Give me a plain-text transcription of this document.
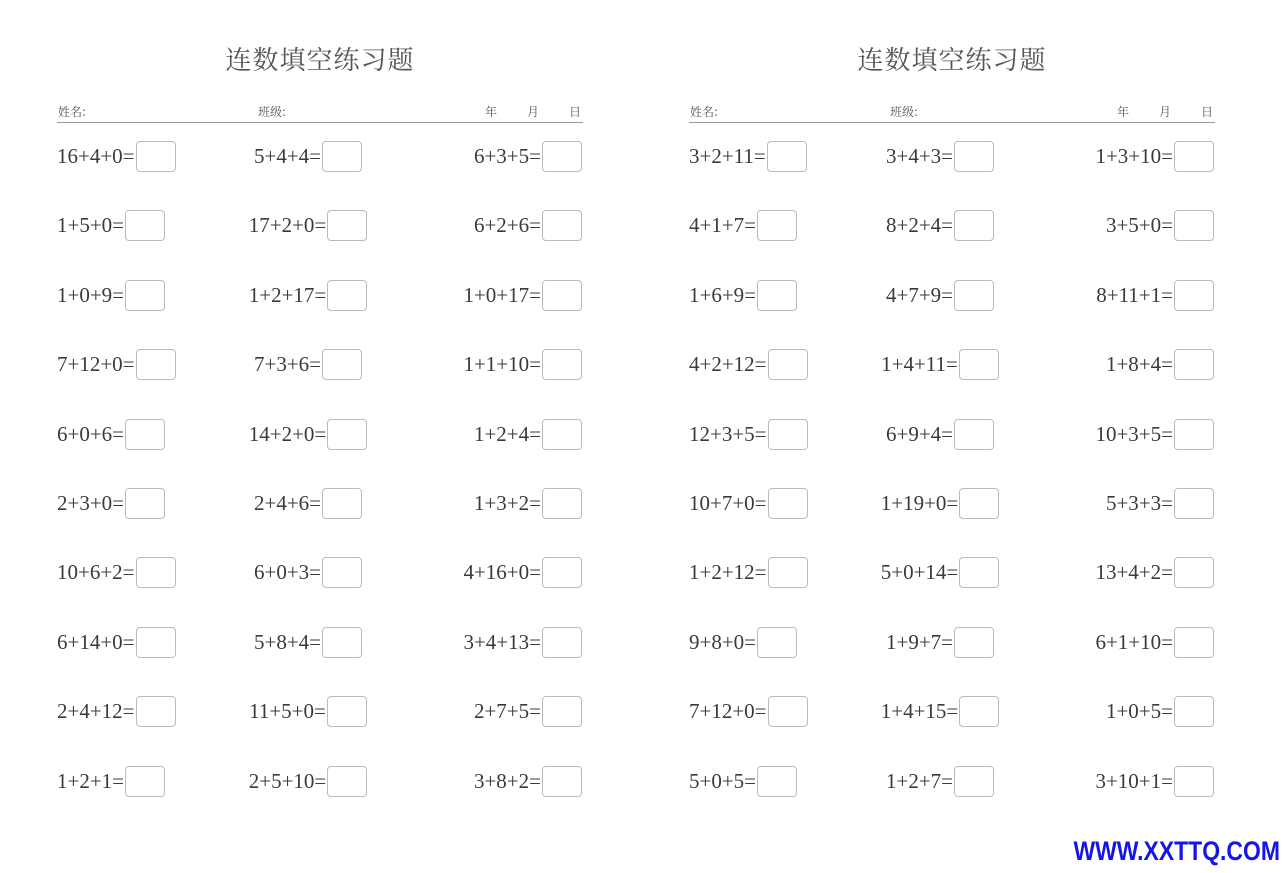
连数填空练习题
姓名:	班级:	年 月 日
16+4+0=	5+4+4=	6+3+5=
1+5+0=	17+2+0=	6+2+6=
1+0+9=	1+2+17=	1+0+17=
7+12+0=	7+3+6=	1+1+10=
6+0+6=	14+2+0=	1+2+4=
2+3+0=	2+4+6=	1+3+2=
10+6+2=	6+0+3=	4+16+0=
6+14+0=	5+8+4=	3+4+13=
2+4+12=	11+5+0=	2+7+5=
1+2+1=	2+5+10=	3+8+2=
连数填空练习题
姓名:	班级:	年 月 日
3+2+11=	3+4+3=	1+3+10=
4+1+7=	8+2+4=	3+5+0=
1+6+9=	4+7+9=	8+11+1=
4+2+12=	1+4+11=	1+8+4=
12+3+5=	6+9+4=	10+3+5=
10+7+0=	1+19+0=	5+3+3=
1+2+12=	5+0+14=	13+4+2=
9+8+0=	1+9+7=	6+1+10=
7+12+0=	1+4+15=	1+0+5=
5+0+5=	1+2+7=	3+10+1=
WWW.XXTTQ.COM
